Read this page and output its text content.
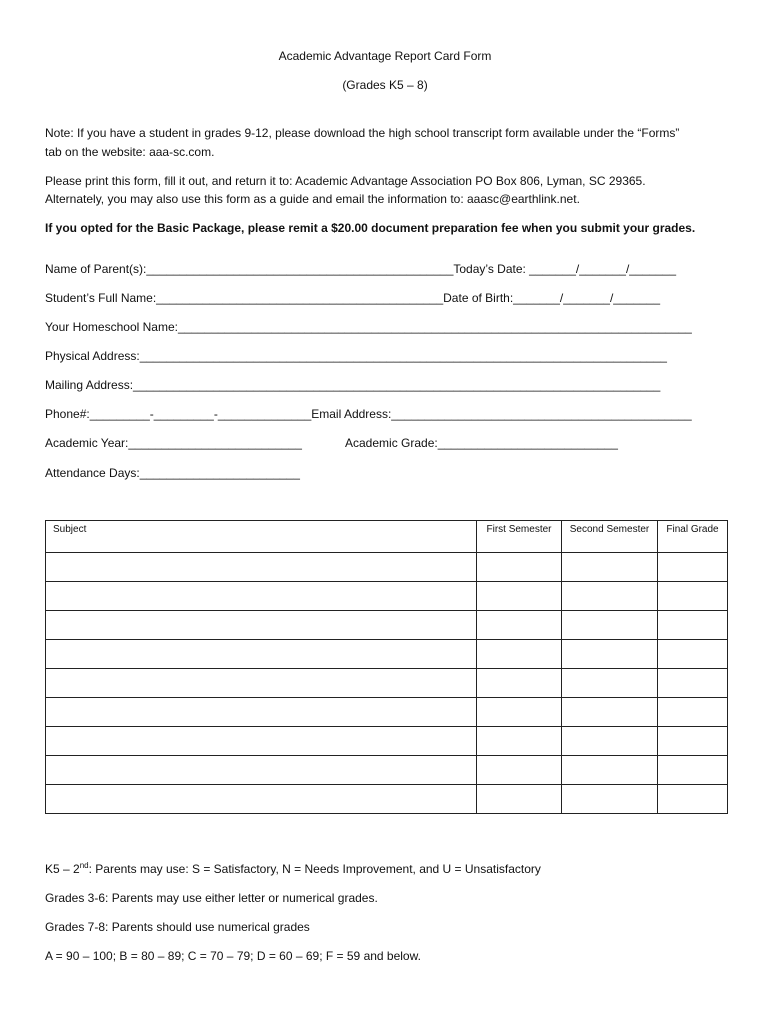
Academic Advantage Report Card Form
(Grades K5 – 8)
Note: If you have a student in grades 9-12, please download the high school transcript form available under the “Forms”
tab on the website: aaa-sc.com.
Please print this form, fill it out, and return it to: Academic Advantage Association PO Box 806, Lyman, SC 29365.
Alternately, you may also use this form as a guide and email the information to: aaasc@earthlink.net.
If you opted for the Basic Package, please remit a $20.00 document preparation fee when you submit your grades.
Name of Parent(s):______________________________________________Today’s Date: _______/_______/_______
Student’s Full Name:___________________________________________Date of Birth:_______/_______/_______
Your Homeschool Name:_____________________________________________________________________________
Physical Address:_______________________________________________________________________________
Mailing Address:_______________________________________________________________________________
Phone#:_________-_________-______________Email Address:_____________________________________________
Academic Year:__________________________	Academic Grade:___________________________
Attendance Days:________________________
Subject	First Semester	Second Semester	Final Grade

K5 – 2nd: Parents may use: S = Satisfactory, N = Needs Improvement, and U = Unsatisfactory
Grades 3-6: Parents may use either letter or numerical grades.
Grades 7-8: Parents should use numerical grades
A = 90 – 100; B = 80 – 89; C = 70 – 79; D = 60 – 69; F = 59 and below.
